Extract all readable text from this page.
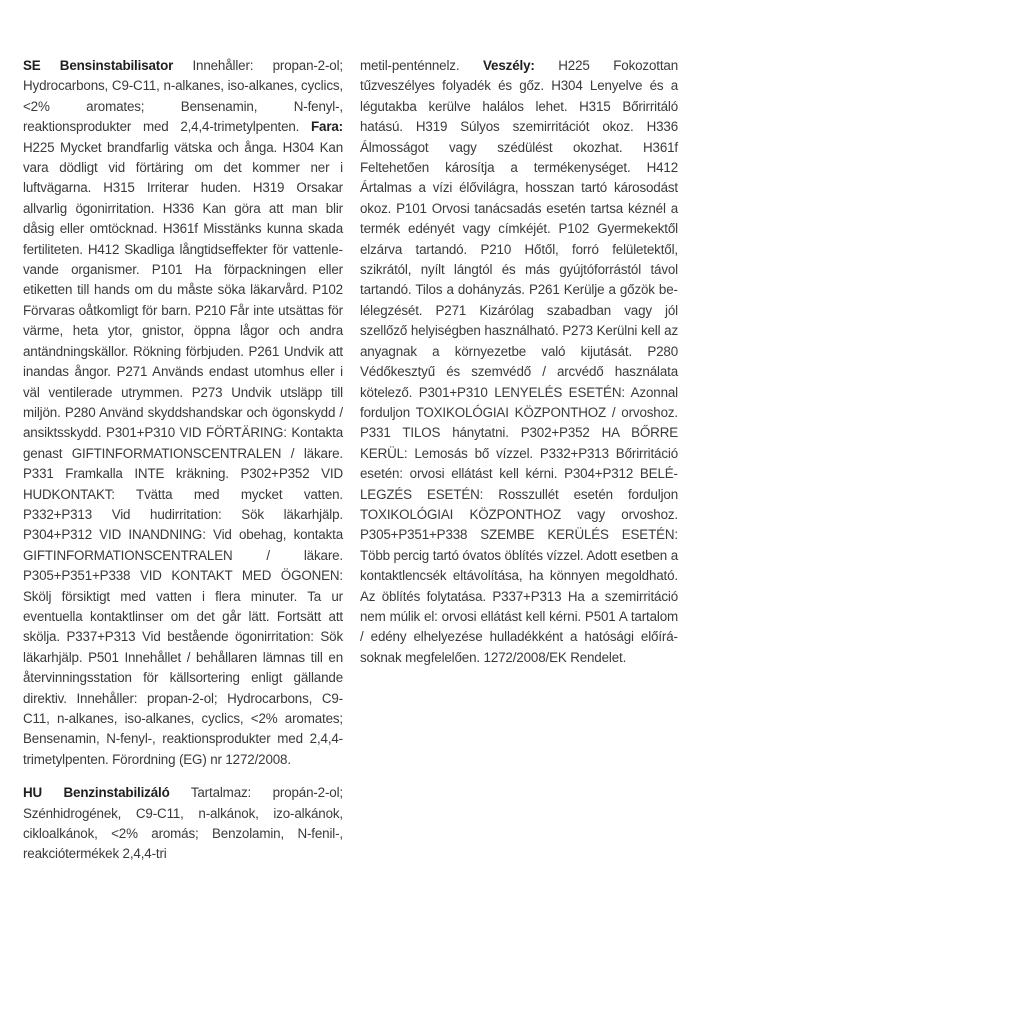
SE Bensinstabilisator Innehåller: propan-2-ol; Hydrocarbons, C9-C11, n-alkanes, iso-alkanes, cyclics, <2% aromates; Bensenamin, N-fenyl-, reaktionsprodukter med 2,4,4-trimetylpenten. Fara: H225 Mycket brandfarlig vätska och ånga. H304 Kan vara dödligt vid förtäring om det kommer ner i luftvägarna. H315 Irriterar huden. H319 Orsakar allvarlig ögonirritation. H336 Kan göra att man blir dåsig eller omtöcknad. H361f Misstänks kunna skada fertiliteten. H412 Skadliga långtidseffekter för vattenlevande organismer. P101 Ha förpackningen eller etiketten till hands om du måste söka läkarvård. P102 Förvaras oåtkomligt för barn. P210 Får inte utsättas för värme, heta ytor, gnistor, öppna lågor och andra antändningskällor. Rökning förbjuden. P261 Undvik att inandas ångor. P271 Används endast utomhus eller i väl ventilerade utrymmen. P273 Undvik utsläpp till miljön. P280 Använd skyddshandskar och ögonskydd / ansiktsskydd. P301+P310 VID FÖRTÄRING: Kontakta genast GIFTINFORMATIONSCENTRALEN / läkare. P331 Framkalla INTE kräkning. P302+P352 VID HUDKONTAKT: Tvätta med mycket vatten. P332+P313 Vid hudirritation: Sök läkarhjälp. P304+P312 VID INANDNING: Vid obehag, kontakta GIFTINFORMATIONSCENTRALEN / läkare. P305+P351+P338 VID KONTAKT MED ÖGONEN: Skölj försiktigt med vatten i flera minuter. Ta ur eventuella kontaktlinser om det går lätt. Fortsätt att skölja. P337+P313 Vid bestående ögonirritation: Sök läkarhjälp. P501 Innehållet / behållaren lämnas till en återvinningsstation för källsortering enligt gällande direktiv. Innehåller: propan-2-ol; Hydrocarbons, C9-C11, n-alkanes, iso-alkanes, cyclics, <2% aromates; Bensenamin, N-fenyl-, reaktionsprodukter med 2,4,4-trimetylpenten. Förordning (EG) nr 1272/2008.

HU Benzinstabilizáló Tartalmaz: propán-2-ol; Szénhidrogének, C9-C11, n-alkánok, izo-alkánok, cikloalkánok, <2% aromás; Benzolamin, N-fenil-, reakciótermékek 2,4,4-tri

metil-penténnelz. Veszély: H225 Fokozottan tűzveszélyes folyadék és gőz. H304 Lenyelve és a légutakba kerülve halálos lehet. H315 Bőrirritáló hatású. H319 Súlyos szemirritációt okoz. H336 Álmosságot vagy szédülést okozhat. H361f Feltehetően károsítja a termékenységet. H412 Ártalmas a vízi élővilágra, hosszan tartó károsodást okoz. P101 Orvosi tanácsadás esetén tartsa kéznél a termék edényét vagy címkéjét. P102 Gyermekektől elzárva tartandó. P210 Hőtől, forró felületektől, szikrától, nyílt lángtól és más gyújtóforrástól távol tartandó. Tilos a dohányzás. P261 Kerülje a gőzök belélegzését. P271 Kizárólag szabadban vagy jól szellőző helyiségben használható. P273 Kerülni kell az anyagnak a környezetbe való kijutását. P280 Védőkesztyű és szemvédő / arcvédő használata kötelező. P301+P310 LENYELÉS ESETÉN: Azonnal forduljon TOXIKOLÓGIAI KÖZPONTHOZ / orvoshoz. P331 TILOS hánytatni. P302+P352 HA BŐRRE KERÜL: Lemosás bő vízzel. P332+P313 Bőrirritáció esetén: orvosi ellátást kell kérni. P304+P312 BELÉLEGZÉS ESETÉN: Rosszullét esetén forduljon TOXIKOLÓGIAI KÖZPONTHOZ vagy orvoshoz. P305+P351+P338 SZEMBE KERÜLÉS ESETÉN: Több percig tartó óvatos öblítés vízzel. Adott esetben a kontaktlencsék eltávolítása, ha könnyen megoldható. Az öblítés folytatása. P337+P313 Ha a szemirritáció nem múlik el: orvosi ellátást kell kérni. P501 A tartalom / edény elhelyezése hulladékként a hatósági előírásoknak megfelelően. 1272/2008/EK Rendelet.
